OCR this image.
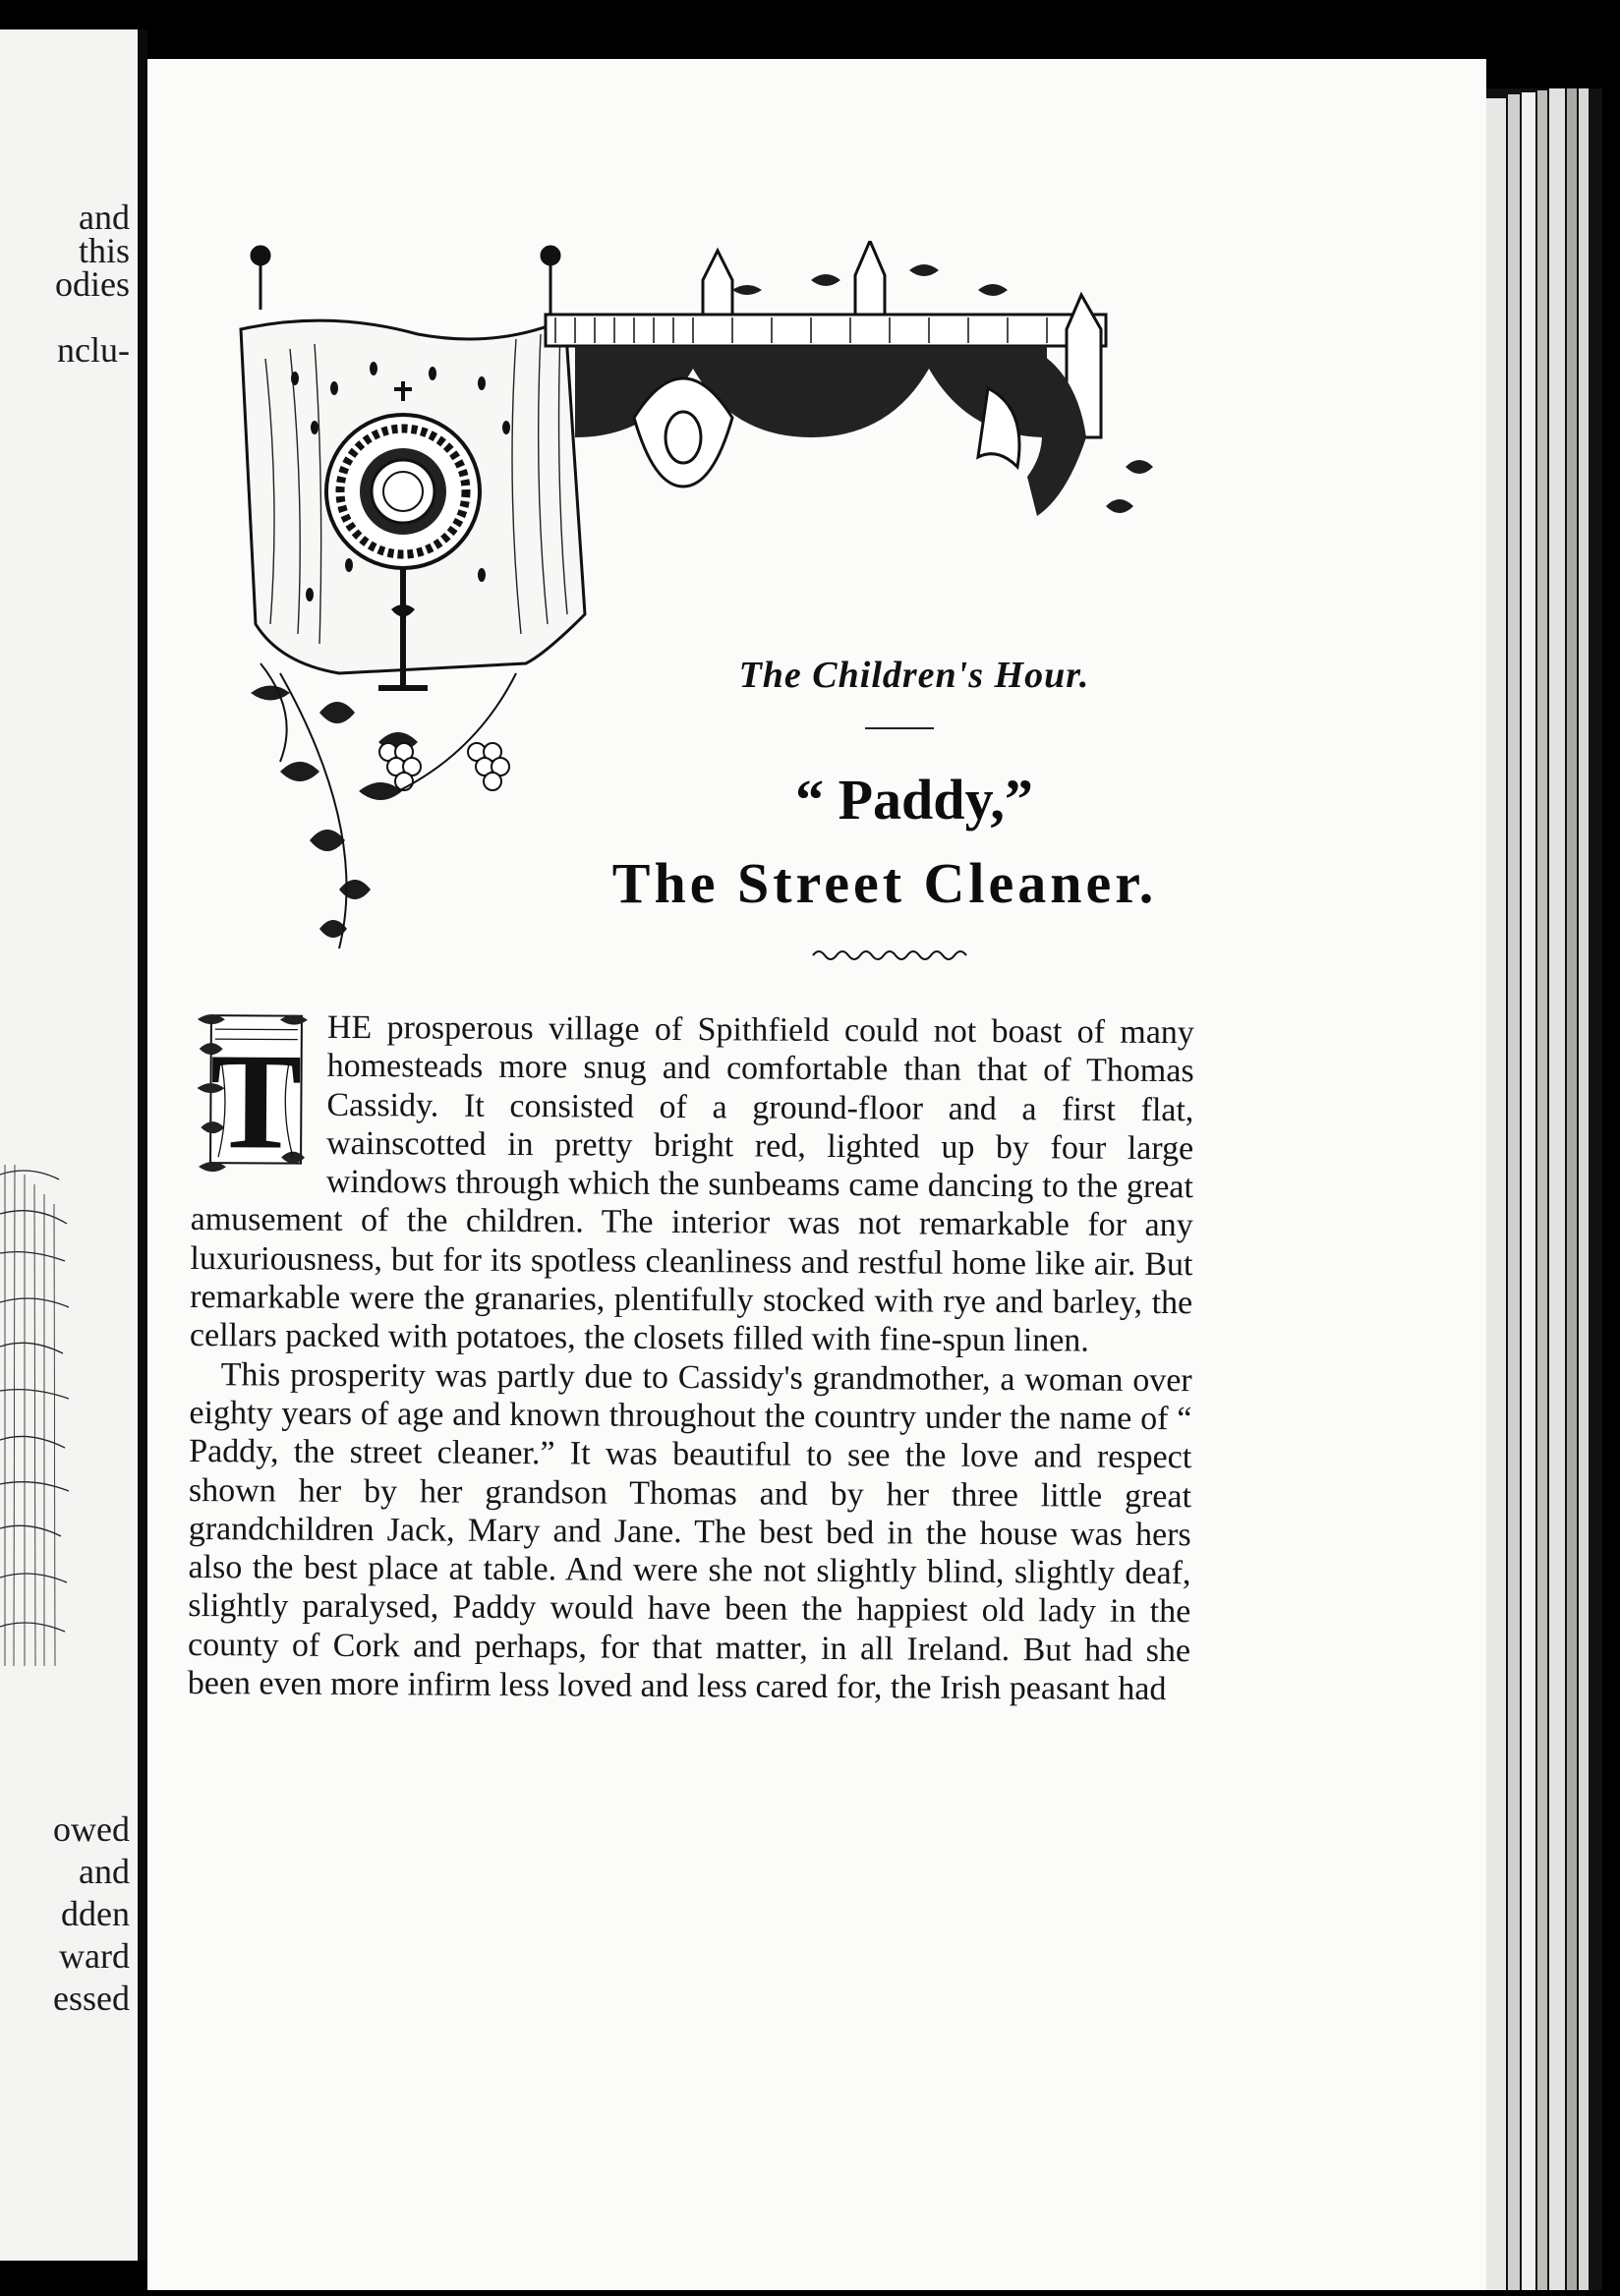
and
this
odies
nclu-
owed
and
dden
ward
essed
The Children's Hour.
“ Paddy,”
The Street Cleaner.
T HE prosperous village of Spithfield could not boast of many homesteads more snug and comfortable than that of Thomas Cassidy. It consisted of a ground-floor and a first flat, wainscotted in pretty bright red, lighted up by four large windows through which the sunbeams came dancing to the great amusement of the children. The interior was not remarkable for any luxuriousness, but for its spotless cleanliness and restful home like air. But remarkable were the granaries, plentifully stocked with rye and barley, the cellars packed with potatoes, the closets filled with fine-spun linen.

This prosperity was partly due to Cassidy's grandmother, a woman over eighty years of age and known throughout the country under the name of “ Paddy, the street cleaner.” It was beautiful to see the love and respect shown her by her grandson Thomas and by her three little great grandchildren Jack, Mary and Jane. The best bed in the house was hers also the best place at table. And were she not slightly blind, slightly deaf, slightly paralysed, Paddy would have been the happiest old lady in the county of Cork and perhaps, for that matter, in all Ireland. But had she been even more infirm less loved and less cared for, the Irish peasant had
